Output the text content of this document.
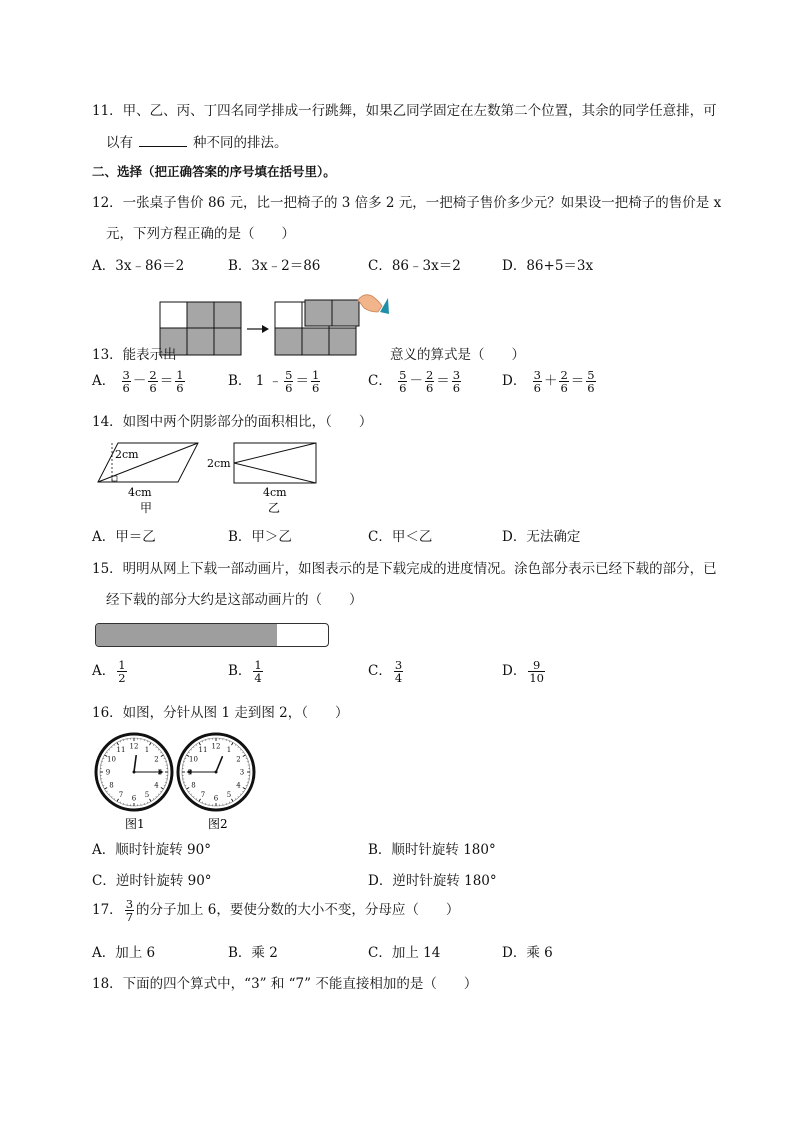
11．甲、乙、丙、丁四名同学排成一行跳舞，如果乙同学固定在左数第二个位置，其余的同学任意排，可
以有	种不同的排法。
二、选择（把正确答案的序号填在括号里）。
12．一张桌子售价 86 元，比一把椅子的 3 倍多 2 元，一把椅子售价多少元？如果设一把椅子的售价是 x
元，下列方程正确的是（　　）
A．3x﹣86＝2	B．3x﹣2＝86	C．86﹣3x＝2	D．86+5＝3x
13．能表示出	意义的算式是（　　）
A． $\frac{3}{6} - \frac{2}{6} = \frac{1}{6}$	B． 1 ﹣ $\frac{5}{6} = \frac{1}{6}$	C． $\frac{5}{6} - \frac{2}{6} = \frac{3}{6}$	D． $\frac{3}{6} + \frac{2}{6} = \frac{5}{6}$
14．如图中两个阴影部分的面积相比，（　　）
2cm
4cm
甲
2cm
4cm
乙
A．甲＝乙	B．甲＞乙	C．甲＜乙	D．无法确定
15．明明从网上下载一部动画片，如图表示的是下载完成的进度情况。涂色部分表示已经下载的部分，已
经下载的部分大约是这部动画片的（　　）
A． $\frac{1}{2}$	B． $\frac{1}{4}$	C． $\frac{3}{4}$	D． $\frac{9}{10}$
16．如图，分针从图 1 走到图 2，（　　）
12 1
2
4
5
6
7
8
9
10
11	12 1
2
3
4
5
6
7
8
10
11
图1	图2
A．顺时针旋转 90°	B．顺时针旋转 180°
C．逆时针旋转 90°	D．逆时针旋转 180°
17． $\frac{3}{7}$ 的分子加上 6，要使分数的大小不变，分母应（　　）
A．加上 6	B．乘 2	C．加上 14	D．乘 6
18．下面的四个算式中，“3” 和 “7” 不能直接相加的是（　　）
